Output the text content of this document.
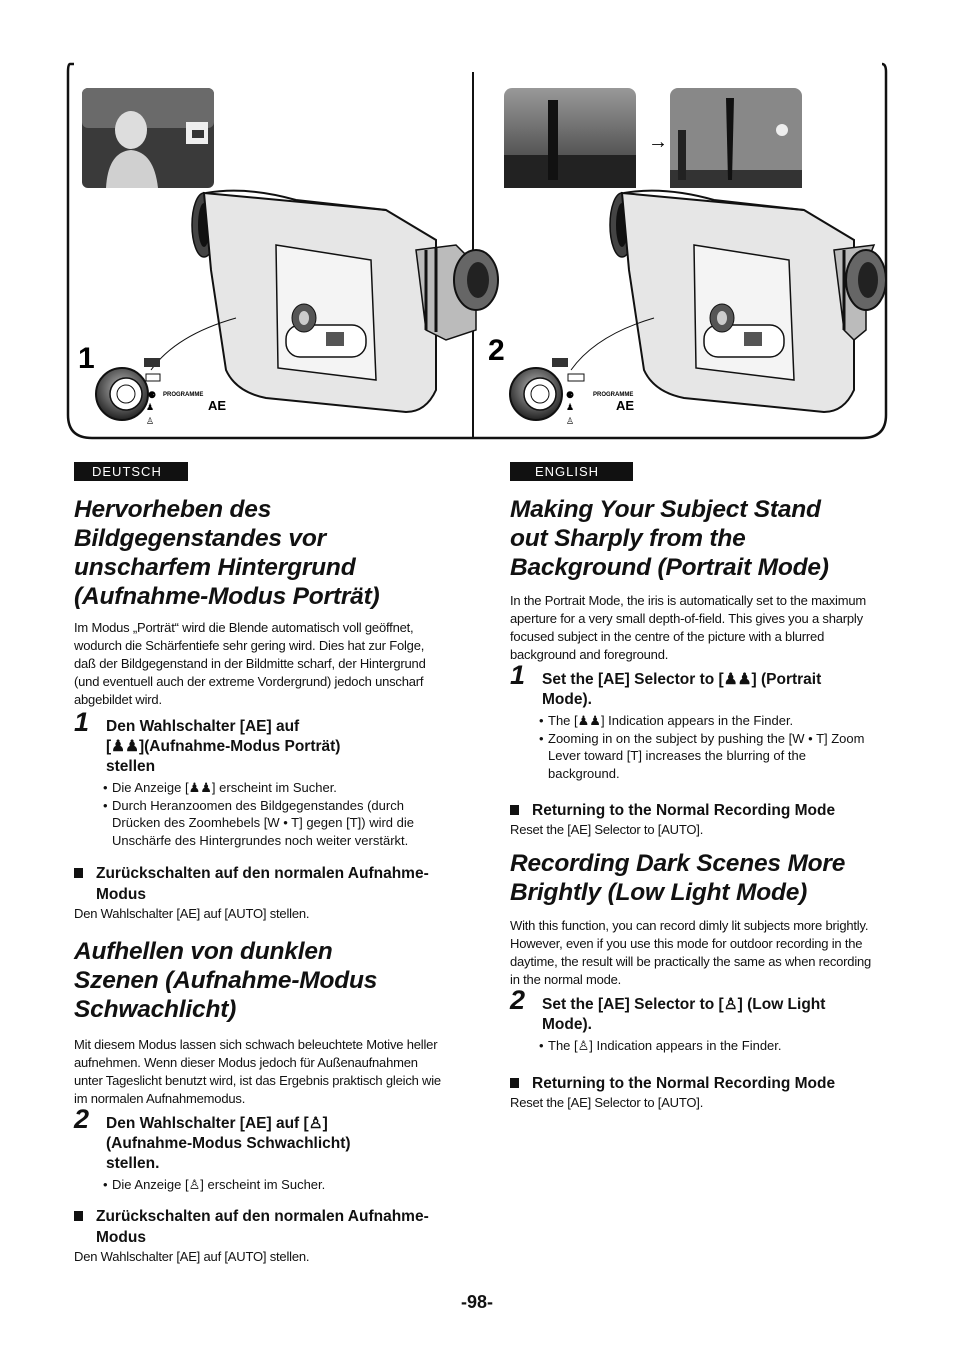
⚈ PROGRAMME
♟
♙
AE
1
→
⚈	PROGRAMME
♟
♙
AE
2
DEUTSCH
Hervorheben des
Bildgegenstandes vor
unscharfem Hintergrund
(Aufnahme-Modus Porträt)

Im Modus „Porträt“ wird die Blende automatisch voll geöffnet, wodurch die Schärfentiefe sehr gering wird. Dies hat zur Folge, daß der Bildgegenstand in der Bildmitte scharf, der Hintergrund (und eventuell auch der extreme Vordergrund) jedoch unscharf abgebildet wird.

1 Den Wahlschalter [AE] auf
[♟♟](Aufnahme-Modus Porträt)
stellen
• Die Anzeige [♟♟] erscheint im Sucher.
• Durch Heranzoomen des Bildgegenstandes (durch Drücken des Zoomhebels [W • T] gegen [T]) wird die Unschärfe des Hintergrundes noch weiter verstärkt.
Zurückschalten auf den normalen Aufnahme-Modus

Den Wahlschalter [AE] auf [AUTO] stellen.

Aufhellen von dunklen
Szenen (Aufnahme-Modus
Schwachlicht)

Mit diesem Modus lassen sich schwach beleuchtete Motive heller aufnehmen. Wenn dieser Modus jedoch für Außenaufnahmen unter Tageslicht benutzt wird, ist das Ergebnis praktisch gleich wie im normalen Aufnahmemodus.

2 Den Wahlschalter [AE] auf [♙]
(Aufnahme-Modus Schwachlicht)
stellen.
• Die Anzeige [♙] erscheint im Sucher.
Zurückschalten auf den normalen Aufnahme-Modus

Den Wahlschalter [AE] auf [AUTO] stellen.

ENGLISH
Making Your Subject Stand
out Sharply from the
Background (Portrait Mode)

In the Portrait Mode, the iris is automatically set to the maximum aperture for a very small depth-of-field. This gives you a sharply focused subject in the centre of the picture with a blurred background and foreground.

1 Set the [AE] Selector to [♟♟] (Portrait Mode).
• The [♟♟] Indication appears in the Finder.
• Zooming in on the subject by pushing the [W • T] Zoom Lever toward [T] increases the blurring of the background.
Returning to the Normal Recording Mode

Reset the [AE] Selector to [AUTO].

Recording Dark Scenes More
Brightly (Low Light Mode)

With this function, you can record dimly lit subjects more brightly. However, even if you use this mode for outdoor recording in the daytime, the result will be practically the same as when recording in the normal mode.

2 Set the [AE] Selector to [♙] (Low Light Mode).
• The [♙] Indication appears in the Finder.
Returning to the Normal Recording Mode

Reset the [AE] Selector to [AUTO].

-98-
